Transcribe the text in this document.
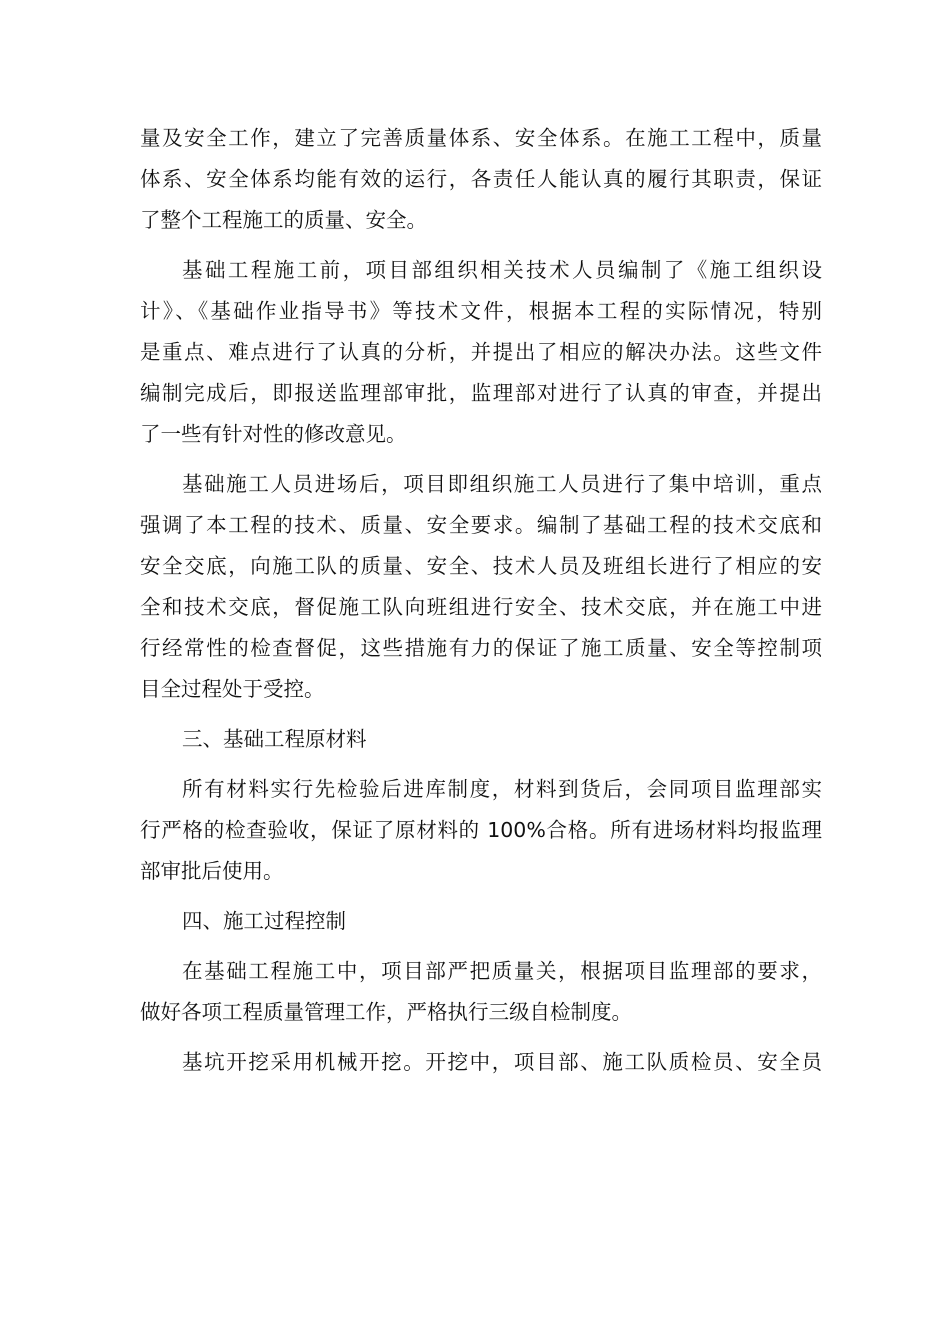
量及安全工作，建立了完善质量体系、安全体系。在施工工程中，质量
体系、安全体系均能有效的运行，各责任人能认真的履行其职责，保证
了整个工程施工的质量、安全。
基础工程施工前，项目部组织相关技术人员编制了《施工组织设
计》、《基础作业指导书》等技术文件，根据本工程的实际情况，特别
是重点、难点进行了认真的分析，并提出了相应的解决办法。这些文件
编制完成后，即报送监理部审批，监理部对进行了认真的审查，并提出
了一些有针对性的修改意见。
基础施工人员进场后，项目即组织施工人员进行了集中培训，重点
强调了本工程的技术、质量、安全要求。编制了基础工程的技术交底和
安全交底，向施工队的质量、安全、技术人员及班组长进行了相应的安
全和技术交底，督促施工队向班组进行安全、技术交底，并在施工中进
行经常性的检查督促，这些措施有力的保证了施工质量、安全等控制项
目全过程处于受控。
三、基础工程原材料
所有材料实行先检验后进库制度，材料到货后，会同项目监理部实
行严格的检查验收，保证了原材料的 100%合格。所有进场材料均报监理
部审批后使用。
四、施工过程控制
在基础工程施工中，项目部严把质量关，根据项目监理部的要求，
做好各项工程质量管理工作，严格执行三级自检制度。
基坑开挖采用机械开挖。开挖中，项目部、施工队质检员、安全员
